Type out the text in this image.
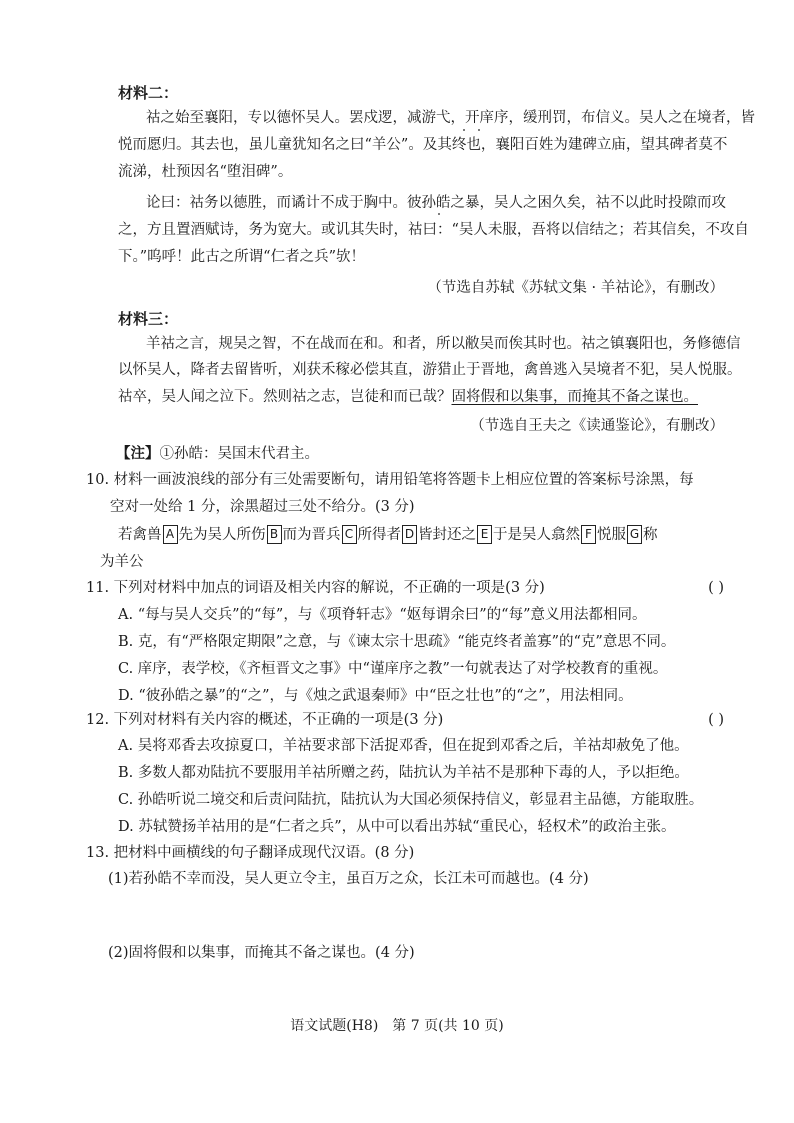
材料二：
祜之始至襄阳，专以德怀吴人。罢戍逻，减游弋，开庠序，缓刑罚，布信义。吴人之在境者，皆
悦而愿归。其去也，虽儿童犹知名之曰“羊公”。及其终也，襄阳百姓为建碑立庙，望其碑者莫不
流涕，杜预因名“堕泪碑”。
论曰：祜务以德胜，而谲计不成于胸中。彼孙皓之暴，吴人之困久矣，祜不以此时投隙而攻
之，方且置酒赋诗，务为宽大。或讥其失时，祜曰：“吴人未服，吾将以信结之；若其信矣，不攻自
下。”呜呼！此古之所谓“仁者之兵”欤！
（节选自苏轼《苏轼文集 · 羊祜论》，有删改）
材料三：
羊祜之言，规吴之智，不在战而在和。和者，所以敝吴而俟其时也。祜之镇襄阳也，务修德信
以怀吴人，降者去留皆听，刈获禾稼必偿其直，游猎止于晋地，禽兽逃入吴境者不犯，吴人悦服。
祜卒，吴人闻之泣下。然则祜之志，岂徒和而已哉？固将假和以集事，而掩其不备之谋也。
（节选自王夫之《读通鉴论》，有删改）
【注】①孙皓：吴国末代君主。
10. 材料一画波浪线的部分有三处需要断句，请用铅笔将答题卡上相应位置的答案标号涂黑，每
空对一处给 1 分，涂黑超过三处不给分。(3 分)
若禽兽 A 先为吴人所伤 B 而为晋兵 C 所得者 D 皆封还之 E 于是吴人翕然 F 悦服 G 称
为羊公
11. 下列对材料中加点的词语及相关内容的解说，不正确的一项是(3 分)	( )
A. “每与吴人交兵”的“每”，与《项脊轩志》“妪每谓余曰”的“每”意义用法都相同。
B. 克，有“严格限定期限”之意，与《谏太宗十思疏》“能克终者盖寡”的“克”意思不同。
C. 庠序，表学校，《齐桓晋文之事》中“谨庠序之教”一句就表达了对学校教育的重视。
D. “彼孙皓之暴”的“之”，与《烛之武退秦师》中“臣之壮也”的“之”，用法相同。
12. 下列对材料有关内容的概述，不正确的一项是(3 分)	( )
A. 吴将邓香去攻掠夏口，羊祜要求部下活捉邓香，但在捉到邓香之后，羊祜却赦免了他。
B. 多数人都劝陆抗不要服用羊祜所赠之药，陆抗认为羊祜不是那种下毒的人，予以拒绝。
C. 孙皓听说二境交和后责问陆抗，陆抗认为大国必须保持信义，彰显君主品德，方能取胜。
D. 苏轼赞扬羊祜用的是“仁者之兵”，从中可以看出苏轼“重民心，轻权术”的政治主张。
13. 把材料中画横线的句子翻译成现代汉语。(8 分)
(1)若孙皓不幸而没，吴人更立令主，虽百万之众，长江未可而越也。(4 分)
(2)固将假和以集事，而掩其不备之谋也。(4 分)
语文试题(H8)　第 7 页(共 10 页)
